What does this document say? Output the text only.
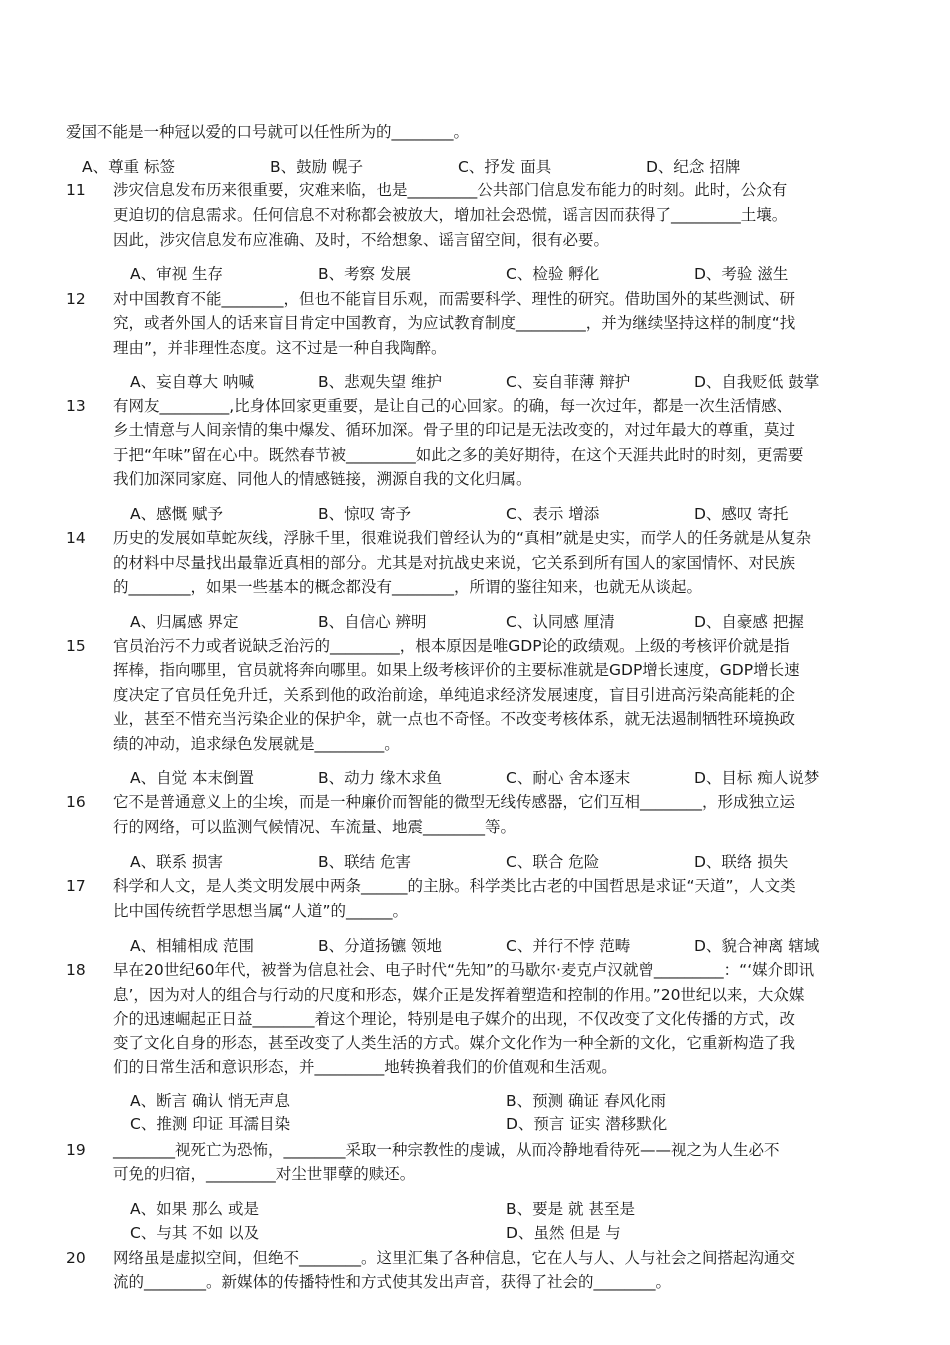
爱国不能是一种冠以爱的口号就可以任性所为的________。
A、尊重 标签	B、鼓励 幌子	C、抒发 面具	D、纪念 招牌
11 涉灾信息发布历来很重要，灾难来临，也是_________公共部门信息发布能力的时刻。此时，公众有
更迫切的信息需求。任何信息不对称都会被放大，增加社会恐慌，谣言因而获得了_________土壤。
因此，涉灾信息发布应准确、及时，不给想象、谣言留空间，很有必要。
A、审视 生存	B、考察 发展	C、检验 孵化	D、考验 滋生
12 对中国教育不能________，但也不能盲目乐观，而需要科学、理性的研究。借助国外的某些测试、研
究，或者外国人的话来盲目肯定中国教育，为应试教育制度_________，并为继续坚持这样的制度“找
理由”，并非理性态度。这不过是一种自我陶醉。
A、妄自尊大 呐喊	B、悲观失望 维护	C、妄自菲薄 辩护	D、自我贬低 鼓掌
13 有网友_________,比身体回家更重要，是让自己的心回家。的确，每一次过年，都是一次生活情感、
乡土情意与人间亲情的集中爆发、循环加深。骨子里的印记是无法改变的，对过年最大的尊重，莫过
于把“年味”留在心中。既然春节被_________如此之多的美好期待，在这个天涯共此时的时刻，更需要
我们加深同家庭、同他人的情感链接，溯源自我的文化归属。
A、感慨 赋予	B、惊叹 寄予	C、表示 增添	D、感叹 寄托
14 历史的发展如草蛇灰线，浮脉千里，很难说我们曾经认为的“真相”就是史实，而学人的任务就是从复杂
的材料中尽量找出最靠近真相的部分。尤其是对抗战史来说，它关系到所有国人的家国情怀、对民族
的________，如果一些基本的概念都没有________，所谓的鉴往知来，也就无从谈起。
A、归属感 界定	B、自信心 辨明	C、认同感 厘清	D、自豪感 把握
15 官员治污不力或者说缺乏治污的_________，根本原因是唯GDP论的政绩观。上级的考核评价就是指
挥棒，指向哪里，官员就将奔向哪里。如果上级考核评价的主要标准就是GDP增长速度，GDP增长速
度决定了官员任免升迁，关系到他的政治前途，单纯追求经济发展速度，盲目引进高污染高能耗的企
业，甚至不惜充当污染企业的保护伞，就一点也不奇怪。不改变考核体系，就无法遏制牺牲环境换政
绩的冲动，追求绿色发展就是_________。
A、自觉 本末倒置	B、动力 缘木求鱼	C、耐心 舍本逐末	D、目标 痴人说梦
16 它不是普通意义上的尘埃，而是一种廉价而智能的微型无线传感器，它们互相________，形成独立运
行的网络，可以监测气候情况、车流量、地震________等。
A、联系 损害	B、联结 危害	C、联合 危险	D、联络 损失
17 科学和人文，是人类文明发展中两条______的主脉。科学类比古老的中国哲思是求证“天道”，人文类
比中国传统哲学思想当属“人道”的______。
A、相辅相成 范围	B、分道扬镳 领地	C、并行不悖 范畴	D、貌合神离 辖域
18 早在20世纪60年代，被誉为信息社会、电子时代“先知”的马歇尔·麦克卢汉就曾_________：“‘媒介即讯
息’，因为对人的组合与行动的尺度和形态，媒介正是发挥着塑造和控制的作用。”20世纪以来，大众媒
介的迅速崛起正日益________着这个理论，特别是电子媒介的出现，不仅改变了文化传播的方式，改
变了文化自身的形态，甚至改变了人类生活的方式。媒介文化作为一种全新的文化，它重新构造了我
们的日常生活和意识形态，并_________地转换着我们的价值观和生活观。
A、断言 确认 悄无声息	B、预测 确证 春风化雨
C、推测 印证 耳濡目染	D、预言 证实 潜移默化
19 ________视死亡为恐怖，________采取一种宗教性的虔诚，从而冷静地看待死——视之为人生必不
可免的归宿，_________对尘世罪孽的赎还。
A、如果 那么 或是	B、要是 就 甚至是
C、与其 不如 以及	D、虽然 但是 与
20 网络虽是虚拟空间，但绝不________。这里汇集了各种信息，它在人与人、人与社会之间搭起沟通交
流的________。新媒体的传播特性和方式使其发出声音，获得了社会的________。
